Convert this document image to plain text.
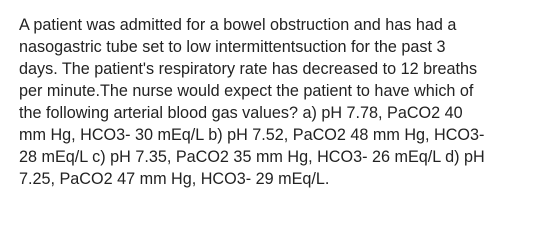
A patient was admitted for a bowel obstruction and has had a
nasogastric tube set to low intermittentsuction for the past 3
days. The patient's respiratory rate has decreased to 12 breaths
per minute.The nurse would expect the patient to have which of
the following arterial blood gas values? a) pH 7.78, PaCO2 40
mm Hg, HCO3- 30 mEq/L b) pH 7.52, PaCO2 48 mm Hg, HCO3-
28 mEq/L c) pH 7.35, PaCO2 35 mm Hg, HCO3- 26 mEq/L d) pH
7.25, PaCO2 47 mm Hg, HCO3- 29 mEq/L.
